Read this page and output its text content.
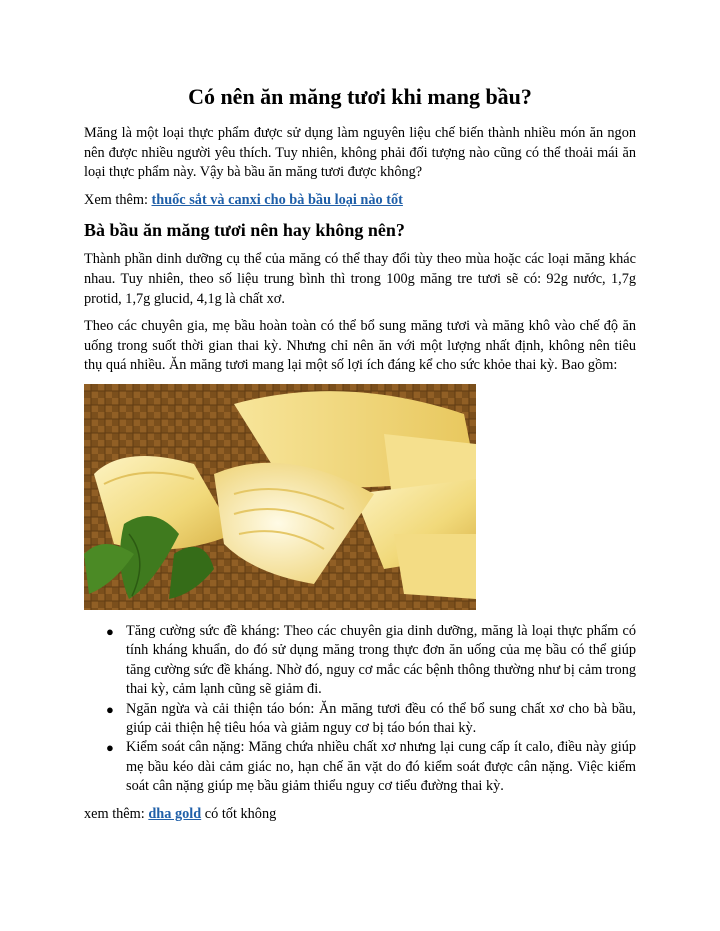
Có nên ăn măng tươi khi mang bầu?

Măng là một loại thực phẩm được sử dụng làm nguyên liệu chế biến thành nhiều món ăn ngon nên được nhiều người yêu thích. Tuy nhiên, không phải đối tượng nào cũng có thể thoải mái ăn loại thực phẩm này. Vậy bà bầu ăn măng tươi được không?

Xem thêm: thuốc sắt và canxi cho bà bầu loại nào tốt

Bà bầu ăn măng tươi nên hay không nên?

Thành phần dinh dưỡng cụ thể của măng có thể thay đổi tùy theo mùa hoặc các loại măng khác nhau. Tuy nhiên, theo số liệu trung bình thì trong 100g măng tre tươi sẽ có: 92g nước, 1,7g protid, 1,7g glucid, 4,1g là chất xơ.

Theo các chuyên gia, mẹ bầu hoàn toàn có thể bổ sung măng tươi và măng khô vào chế độ ăn uống trong suốt thời gian thai kỳ. Nhưng chỉ nên ăn với một lượng nhất định, không nên tiêu thụ quá nhiều. Ăn măng tươi mang lại một số lợi ích đáng kể cho sức khỏe thai kỳ. Bao gồm:

● Tăng cường sức đề kháng: Theo các chuyên gia dinh dưỡng, măng là loại thực phẩm có tính kháng khuẩn, do đó sử dụng măng trong thực đơn ăn uống của mẹ bầu có thể giúp tăng cường sức đề kháng. Nhờ đó, nguy cơ mắc các bệnh thông thường như bị cảm trong thai kỳ, cảm lạnh cũng sẽ giảm đi.
● Ngăn ngừa và cải thiện táo bón: Ăn măng tươi đều có thể bổ sung chất xơ cho bà bầu, giúp cải thiện hệ tiêu hóa và giảm nguy cơ bị táo bón thai kỳ.
● Kiểm soát cân nặng: Măng chứa nhiều chất xơ nhưng lại cung cấp ít calo, điều này giúp mẹ bầu kéo dài cảm giác no, hạn chế ăn vặt do đó kiểm soát được cân nặng. Việc kiểm soát cân nặng giúp mẹ bầu giảm thiểu nguy cơ tiểu đường thai kỳ.

xem thêm: dha gold có tốt không
